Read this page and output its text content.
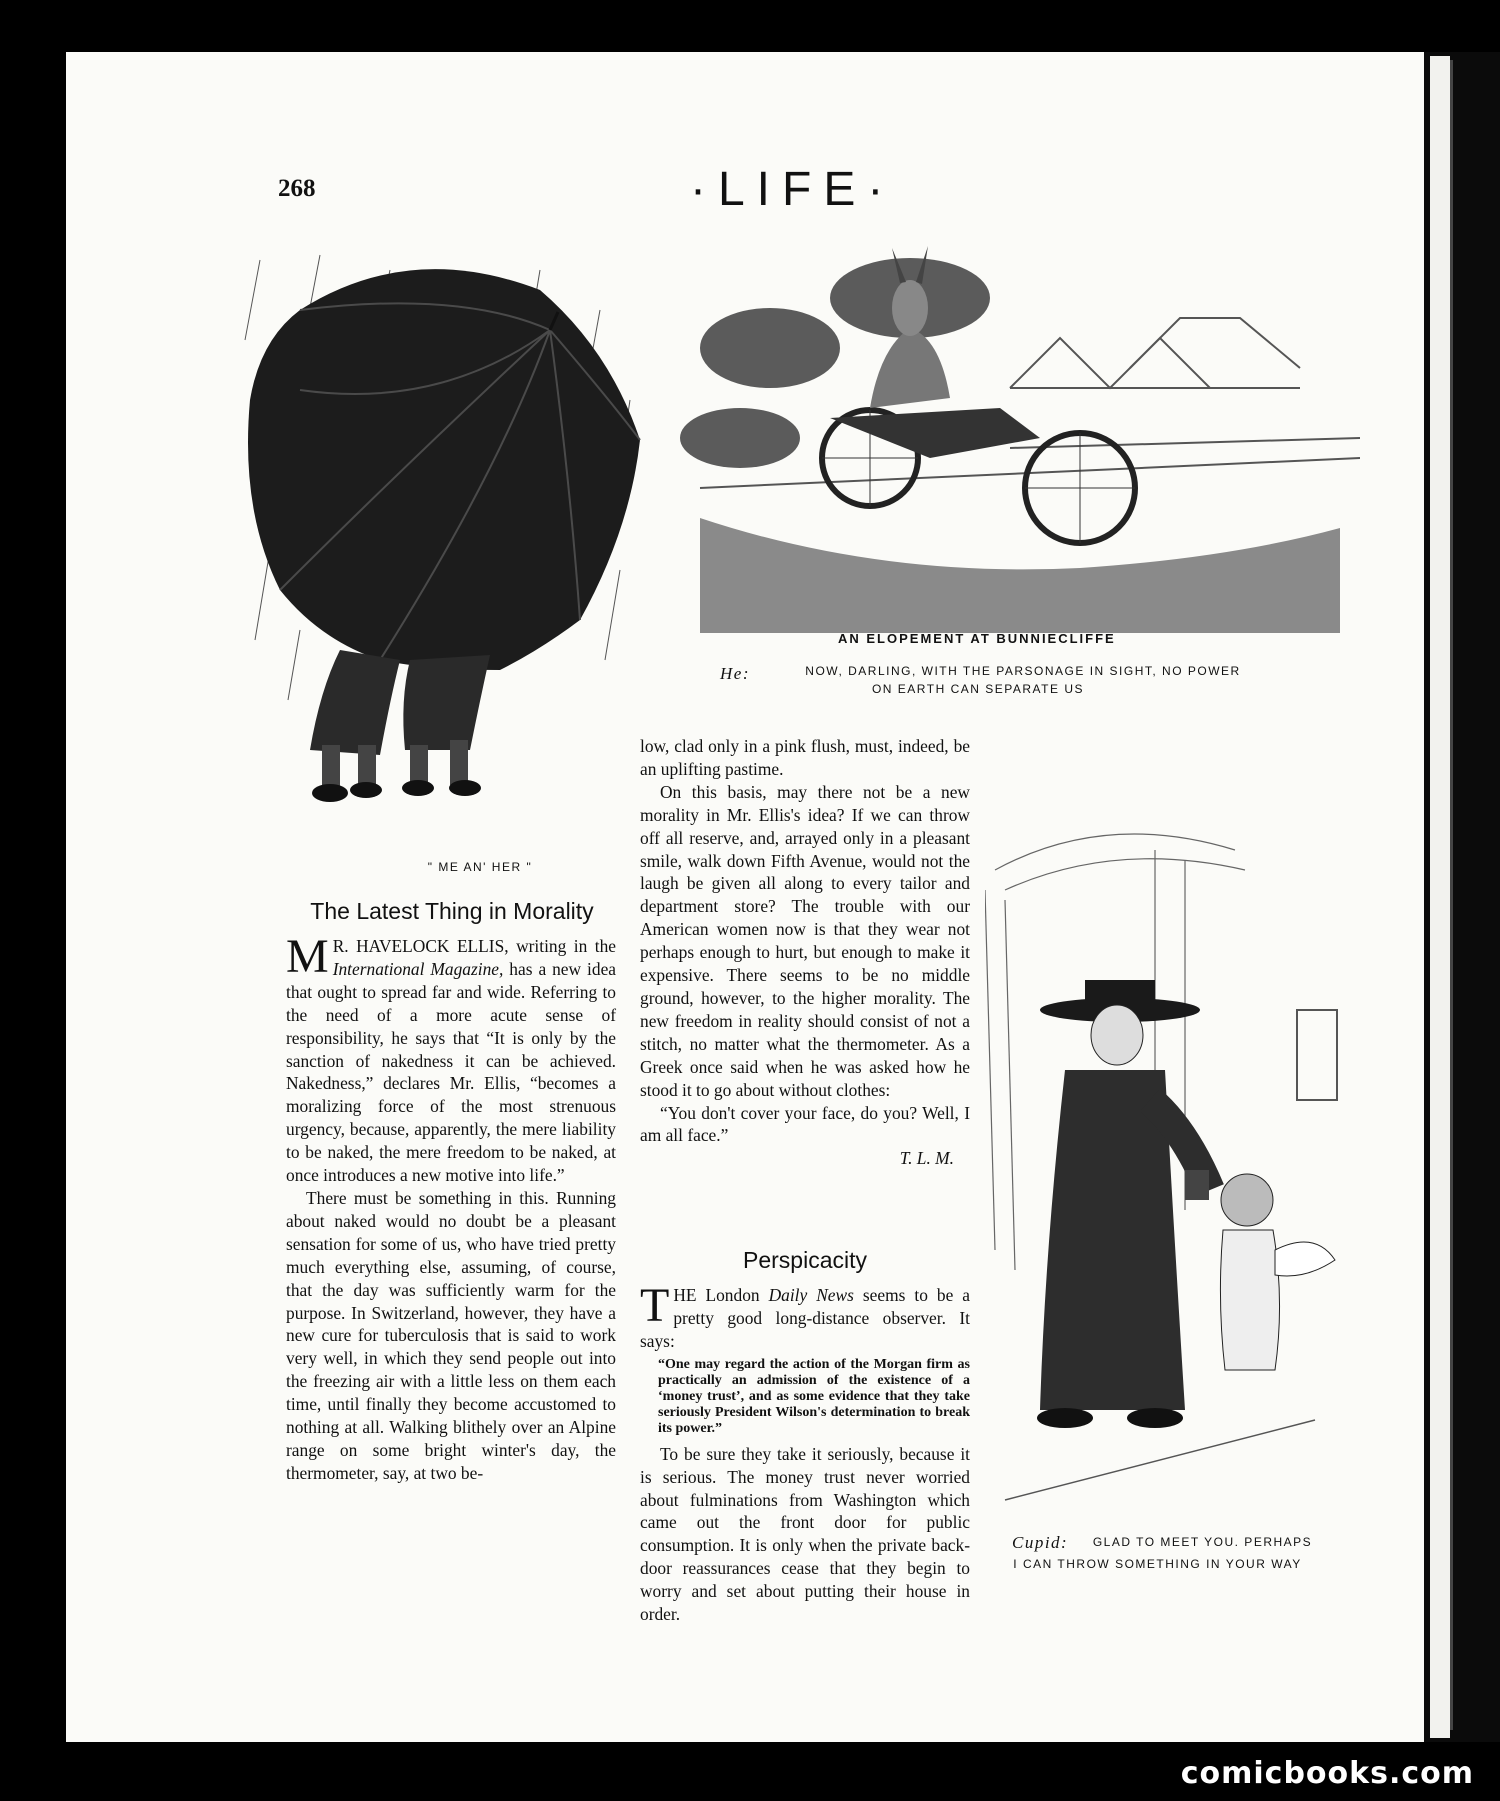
268	·LIFE·
" ME AN' HER "
AN ELOPEMENT AT BUNNIECLIFFE
He:	NOW, DARLING, WITH THE PARSONAGE IN SIGHT, NO POWER
ON EARTH CAN SEPARATE US
Cupid:	GLAD TO MEET YOU. PERHAPS
I CAN THROW SOMETHING IN YOUR WAY
The Latest Thing in Morality

M R. HAVELOCK ELLIS, writing in the International Magazine, has a new idea that ought to spread far and wide. Referring to the need of a more acute sense of responsibility, he says that “It is only by the sanction of nakedness it can be achieved. Nakedness,” declares Mr. Ellis, “becomes a moralizing force of the most strenuous urgency, because, apparently, the mere liability to be naked, the mere freedom to be naked, at once introduces a new motive into life.”

There must be something in this. Running about naked would no doubt be a pleasant sensation for some of us, who have tried pretty much everything else, assuming, of course, that the day was sufficiently warm for the purpose. In Switzerland, however, they have a new cure for tuberculosis that is said to work very well, in which they send people out into the freezing air with a little less on them each time, until finally they become accustomed to nothing at all. Walking blithely over an Alpine range on some bright winter's day, the thermometer, say, at two be-

low, clad only in a pink flush, must, indeed, be an uplifting pastime.

On this basis, may there not be a new morality in Mr. Ellis's idea? If we can throw off all reserve, and, arrayed only in a pleasant smile, walk down Fifth Avenue, would not the laugh be given all along to every tailor and department store? The trouble with our American women now is that they wear not perhaps enough to hurt, but enough to make it expensive. There seems to be no middle ground, however, to the higher morality. The new freedom in reality should consist of not a stitch, no matter what the thermometer. As a Greek once said when he was asked how he stood it to go about without clothes:

“You don't cover your face, do you? Well, I am all face.”

T. L. M.

Perspicacity

THE London Daily News seems to be a pretty good long-distance observer. It says:

“One may regard the action of the Morgan firm as practically an admission of the existence of a ‘money trust’, and as some evidence that they take seriously President Wilson's determination to break its power.”

To be sure they take it seriously, because it is serious. The money trust never worried about fulminations from Washington which came out the front door for public consumption. It is only when the private back-door reassurances cease that they begin to worry and set about putting their house in order.

comicbooks.com
